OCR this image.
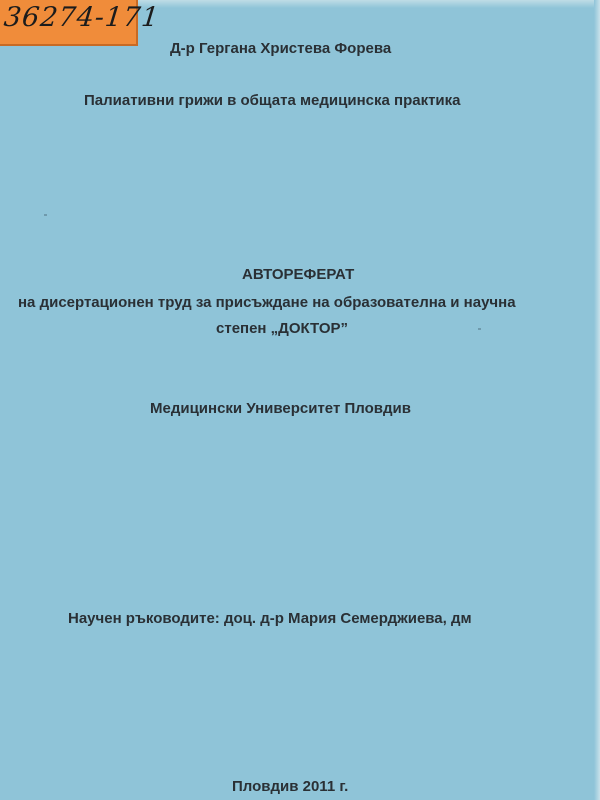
36274-171
Д-р Гергана Христева Форева
Палиативни грижи в общата медицинска практика
АВТОРЕФЕРАТ
на дисертационен труд за присъждане на образователна и научна
степен „ДОКТОР”
Медицински Университет Пловдив
Научен ръководите: доц. д-р Мария Семерджиева, дм
Пловдив 2011 г.
